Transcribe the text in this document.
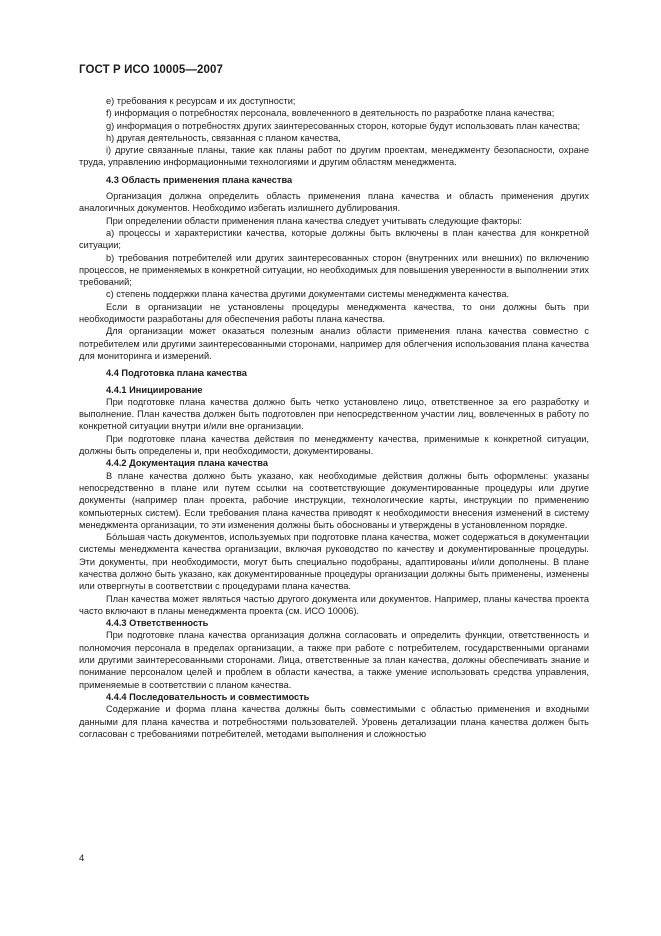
ГОСТ Р ИСО 10005—2007

e) требования к ресурсам и их доступности;

f) информация о потребностях персонала, вовлеченного в деятельность по разработке плана качества;

g) информация о потребностях других заинтересованных сторон, которые будут использовать план качества;

h) другая деятельность, связанная с планом качества,

i) другие связанные планы, такие как планы работ по другим проектам, менеджменту безопасности, охране труда, управлению информационными технологиями и другим областям менеджмента.

4.3 Область применения плана качества

Организация должна определить область применения плана качества и область применения других аналогичных документов. Необходимо избегать излишнего дублирования.

При определении области применения плана качества следует учитывать следующие факторы:

a) процессы и характеристики качества, которые должны быть включены в план качества для конкретной ситуации;

b) требования потребителей или других заинтересованных сторон (внутренних или внешних) по включению процессов, не применяемых в конкретной ситуации, но необходимых для повышения уверенности в выполнении этих требований;

c) степень поддержки плана качества другими документами системы менеджмента качества.

Если в организации не установлены процедуры менеджмента качества, то они должны быть при необходимости разработаны для обеспечения работы плана качества.

Для организации может оказаться полезным анализ области применения плана качества совместно с потребителем или другими заинтересованными сторонами, например для облегчения использования плана качества для мониторинга и измерений.

4.4 Подготовка плана качества
4.4.1 Инициирование

При подготовке плана качества должно быть четко установлено лицо, ответственное за его разработку и выполнение. План качества должен быть подготовлен при непосредственном участии лиц, вовлеченных в работу по конкретной ситуации внутри и/или вне организации.

При подготовке плана качества действия по менеджменту качества, применимые к конкретной ситуации, должны быть определены и, при необходимости, документированы.

4.4.2 Документация плана качества

В плане качества должно быть указано, как необходимые действия должны быть оформлены: указаны непосредственно в плане или путем ссылки на соответствующие документированные процедуры или другие документы (например план проекта, рабочие инструкции, технологические карты, инструкции по применению компьютерных систем). Если требования плана качества приводят к необходимости внесения изменений в систему менеджмента организации, то эти изменения должны быть обоснованы и утверждены в установленном порядке.

Бóльшая часть документов, используемых при подготовке плана качества, может содержаться в документации системы менеджмента качества организации, включая руководство по качеству и документированные процедуры. Эти документы, при необходимости, могут быть специально подобраны, адаптированы и/или дополнены. В плане качества должно быть указано, как документированные процедуры организации должны быть применены, изменены или отвергнуты в соответствии с процедурами плана качества.

План качества может являться частью другого документа или документов. Например, планы качества проекта часто включают в планы менеджмента проекта (см. ИСО 10006).

4.4.3 Ответственность

При подготовке плана качества организация должна согласовать и определить функции, ответственность и полномочия персонала в пределах организации, а также при работе с потребителем, государственными органами или другими заинтересованными сторонами. Лица, ответственные за план качества, должны обеспечивать знание и понимание персоналом целей и проблем в области качества, а также умение использовать средства управления, применяемые в соответствии с планом качества.

4.4.4 Последовательность и совместимость

Содержание и форма плана качества должны быть совместимыми с областью применения и входными данными для плана качества и потребностями пользователей. Уровень детализации плана качества должен быть согласован с требованиями потребителей, методами выполнения и сложностью

4
